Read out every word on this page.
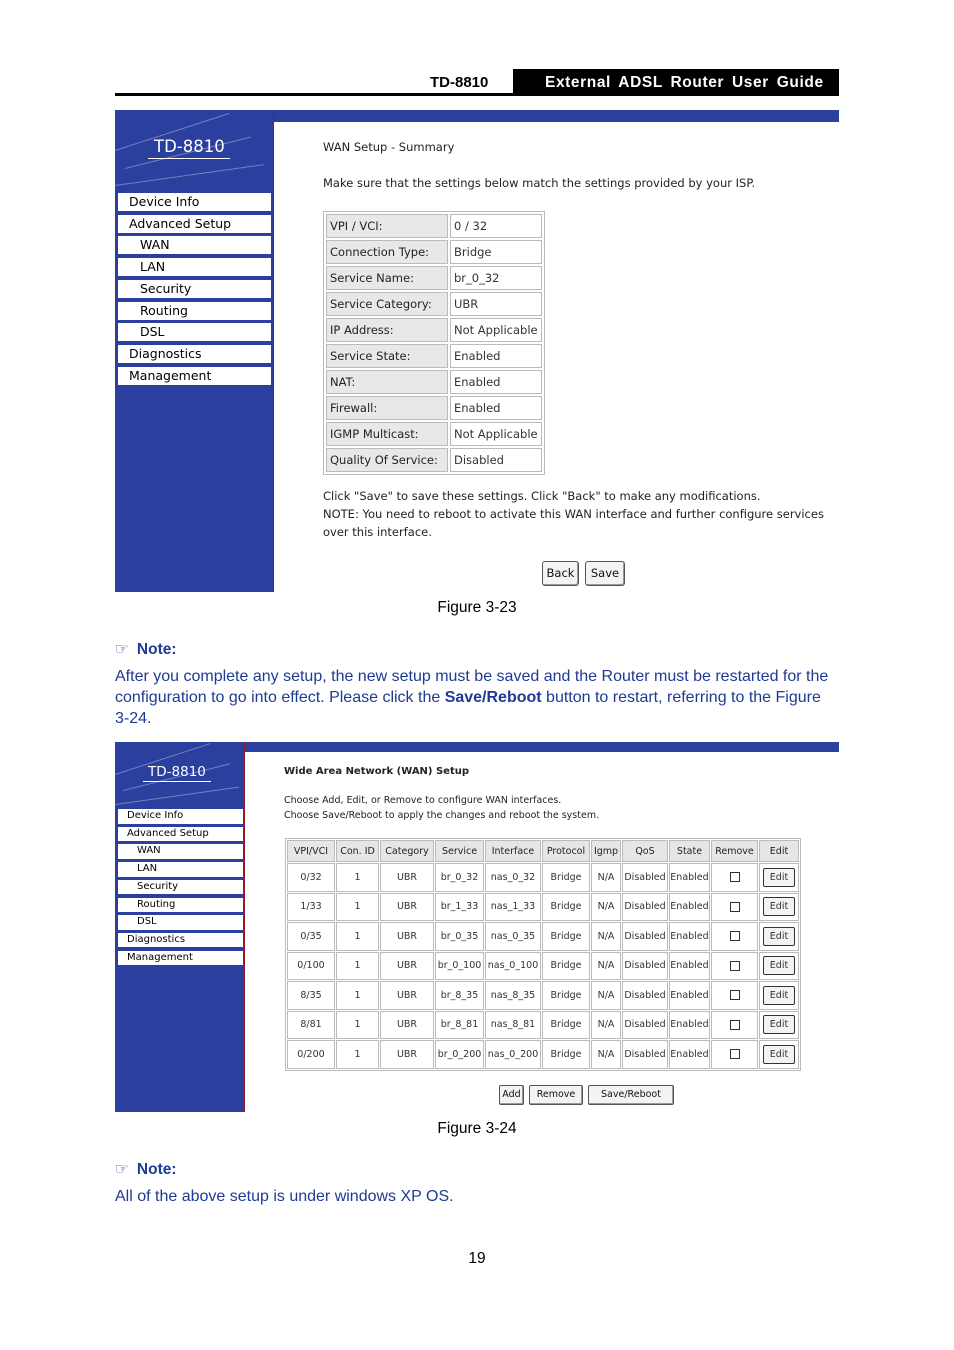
TD-8810	External ADSL Router User Guide
TD-8810
Device Info
Advanced Setup
WAN
LAN
Security
Routing
DSL
Diagnostics
Management
WAN Setup - Summary
Make sure that the settings below match the settings provided by your ISP.
VPI / VCI:	0 / 32
Connection Type:	Bridge
Service Name:	br_0_32
Service Category:	UBR
IP Address:	Not Applicable
Service State:	Enabled
NAT:	Enabled
Firewall:	Enabled
IGMP Multicast:	Not Applicable
Quality Of Service:	Disabled
Click "Save" to save these settings. Click "Back" to make any modifications.
NOTE: You need to reboot to activate this WAN interface and further configure services
over this interface.
Back	Save
Figure 3-23
☞ Note:
After you complete any setup, the new setup must be saved and the Router must be restarted for the configuration to go into effect. Please click the Save/Reboot button to restart, referring to the Figure 3-24.
TD-8810
Device Info
Advanced Setup
WAN
LAN
Security
Routing
DSL
Diagnostics
Management
Wide Area Network (WAN) Setup
Choose Add, Edit, or Remove to configure WAN interfaces.
Choose Save/Reboot to apply the changes and reboot the system.
VPI/VCI	Con. ID	Category	Service	Interface	Protocol	Igmp	QoS	State	Remove	Edit
0/32	1	UBR	br_0_32	nas_0_32	Bridge	N/A	Disabled	Enabled		Edit
1/33	1	UBR	br_1_33	nas_1_33	Bridge	N/A	Disabled	Enabled		Edit
0/35	1	UBR	br_0_35	nas_0_35	Bridge	N/A	Disabled	Enabled		Edit
0/100	1	UBR	br_0_100	nas_0_100	Bridge	N/A	Disabled	Enabled		Edit
8/35	1	UBR	br_8_35	nas_8_35	Bridge	N/A	Disabled	Enabled		Edit
8/81	1	UBR	br_8_81	nas_8_81	Bridge	N/A	Disabled	Enabled		Edit
0/200	1	UBR	br_0_200	nas_0_200	Bridge	N/A	Disabled	Enabled		Edit
Add	Remove	Save/Reboot
Figure 3-24
☞ Note:
All of the above setup is under windows XP OS.
19
